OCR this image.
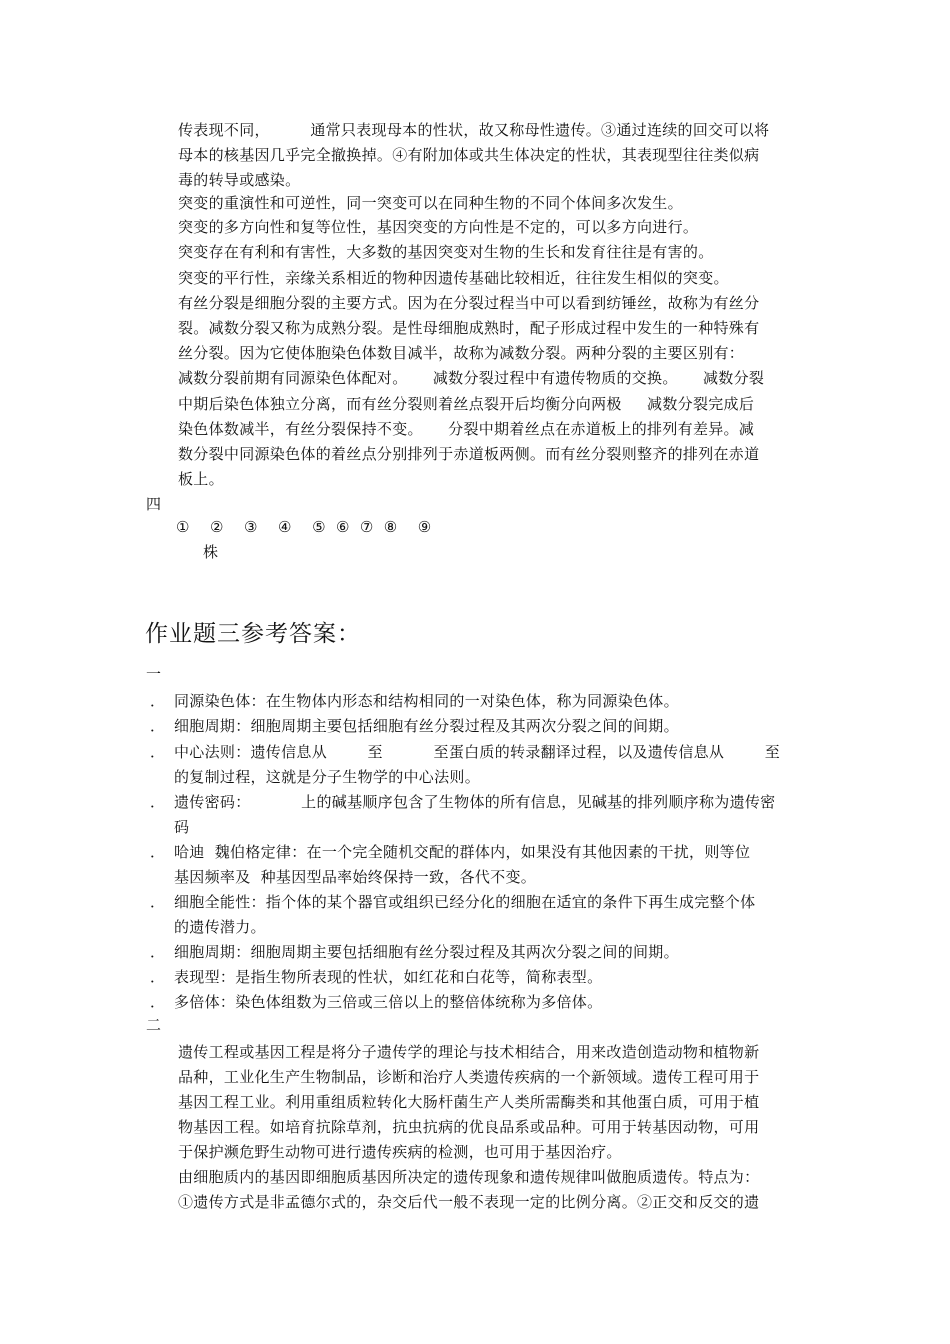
传表现不同，        通常只表现母本的性状，故又称母性遗传。③通过连续的回交可以将
母本的核基因几乎完全撤换掉。④有附加体或共生体决定的性状，其表现型往往类似病
毒的转导或感染。
突变的重演性和可逆性，同一突变可以在同种生物的不同个体间多次发生。
突变的多方向性和复等位性，基因突变的方向性是不定的，可以多方向进行。
突变存在有利和有害性，大多数的基因突变对生物的生长和发育往往是有害的。
突变的平行性，亲缘关系相近的物种因遗传基础比较相近，往往发生相似的突变。
有丝分裂是细胞分裂的主要方式。因为在分裂过程当中可以看到纺锤丝，故称为有丝分
裂。减数分裂又称为成熟分裂。是性母细胞成熟时，配子形成过程中发生的一种特殊有
丝分裂。因为它使体胞染色体数目减半，故称为减数分裂。两种分裂的主要区别有：
减数分裂前期有同源染色体配对。     减数分裂过程中有遗传物质的交换。     减数分裂
中期后染色体独立分离，而有丝分裂则着丝点裂开后均衡分向两极     减数分裂完成后
染色体数减半，有丝分裂保持不变。     分裂中期着丝点在赤道板上的排列有差异。减
数分裂中同源染色体的着丝点分别排列于赤道板两侧。而有丝分裂则整齐的排列在赤道
板上。
四
①    ②    ③    ④    ⑤  ⑥  ⑦  ⑧    ⑨
株
作业题三参考答案：
一
． 同源染色体：在生物体内形态和结构相同的一对染色体，称为同源染色体。
． 细胞周期：细胞周期主要包括细胞有丝分裂过程及其两次分裂之间的间期。
． 中心法则：遗传信息从        至          至蛋白质的转录翻译过程，以及遗传信息从        至
的复制过程，这就是分子生物学的中心法则。
． 遗传密码：          上的碱基顺序包含了生物体的所有信息，见碱基的排列顺序称为遗传密
码
． 哈迪  魏伯格定律：在一个完全随机交配的群体内，如果没有其他因素的干扰，则等位
基因频率及  种基因型品率始终保持一致，各代不变。
． 细胞全能性：指个体的某个器官或组织已经分化的细胞在适宜的条件下再生成完整个体
的遗传潜力。
． 细胞周期：细胞周期主要包括细胞有丝分裂过程及其两次分裂之间的间期。
． 表现型：是指生物所表现的性状，如红花和白花等，简称表型。
． 多倍体：染色体组数为三倍或三倍以上的整倍体统称为多倍体。
二
遗传工程或基因工程是将分子遗传学的理论与技术相结合，用来改造创造动物和植物新
品种，工业化生产生物制品，诊断和治疗人类遗传疾病的一个新领域。遗传工程可用于
基因工程工业。利用重组质粒转化大肠杆菌生产人类所需酶类和其他蛋白质，可用于植
物基因工程。如培育抗除草剂，抗虫抗病的优良品系或品种。可用于转基因动物，可用
于保护濒危野生动物可进行遗传疾病的检测，也可用于基因治疗。
由细胞质内的基因即细胞质基因所决定的遗传现象和遗传规律叫做胞质遗传。特点为：
①遗传方式是非孟德尔式的，杂交后代一般不表现一定的比例分离。②正交和反交的遗
